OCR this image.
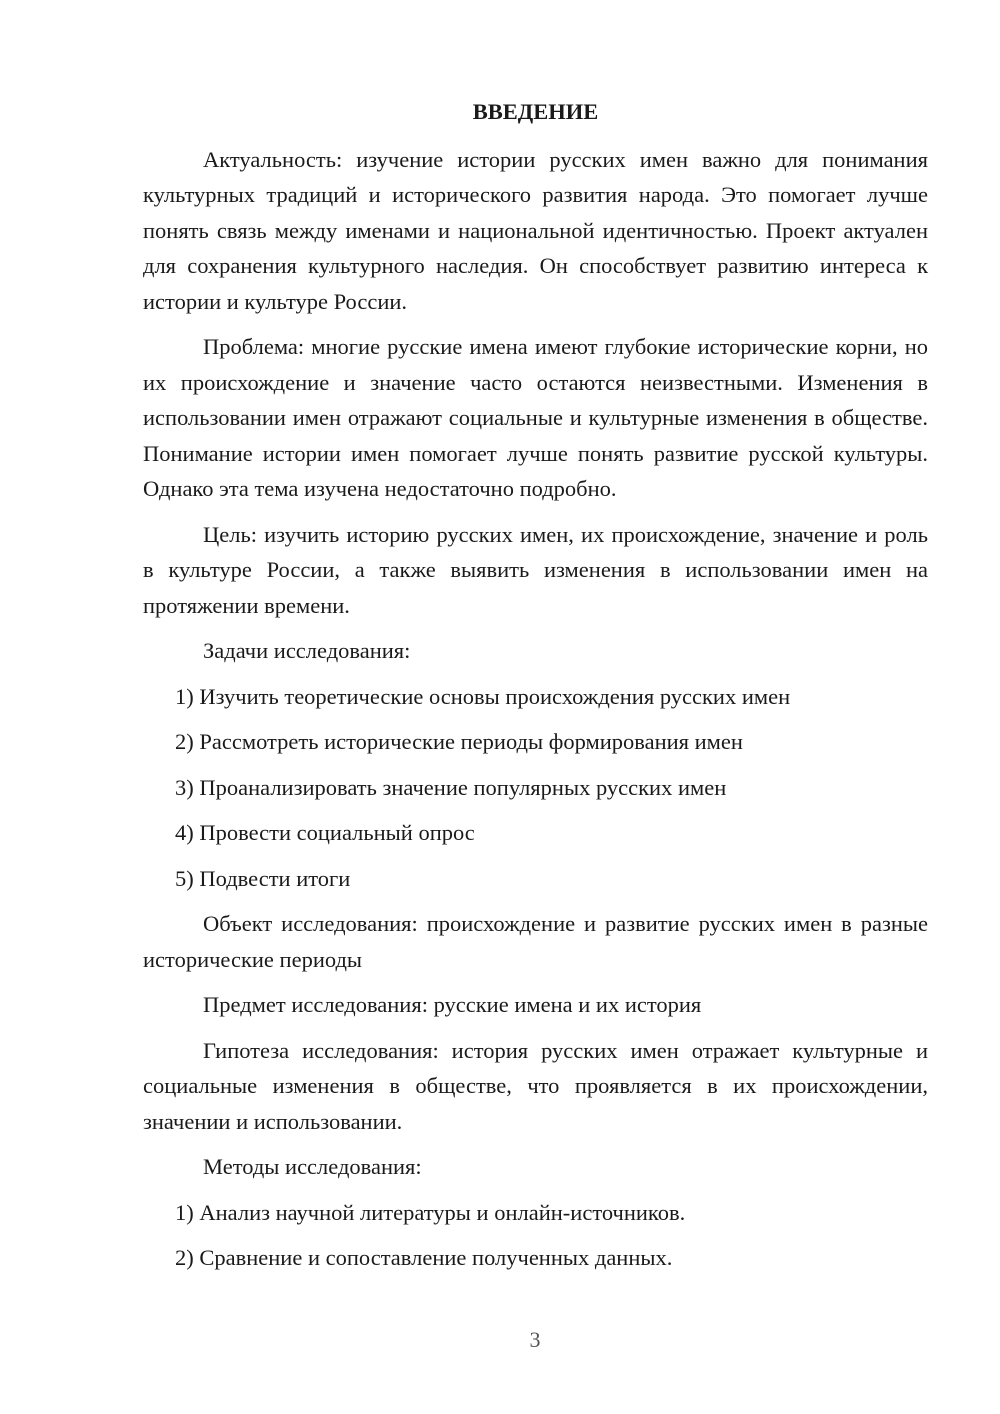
ВВЕДЕНИЕ

Актуальность: изучение истории русских имен важно для понимания культурных традиций и исторического развития народа. Это помогает лучше понять связь между именами и национальной идентичностью. Проект актуален для сохранения культурного наследия. Он способствует развитию интереса к истории и культуре России.

Проблема: многие русские имена имеют глубокие исторические корни, но их происхождение и значение часто остаются неизвестными. Изменения в использовании имен отражают социальные и культурные изменения в обществе. Понимание истории имен помогает лучше понять развитие русской культуры. Однако эта тема изучена недостаточно подробно.

Цель: изучить историю русских имен, их происхождение, значение и роль в культуре России, а также выявить изменения в использовании имен на протяжении времени.

Задачи исследования:
1) Изучить теоретические основы происхождения русских имен
2) Рассмотреть исторические периоды формирования имен
3) Проанализировать значение популярных русских имен
4) Провести социальный опрос
5) Подвести итоги

Объект исследования: происхождение и развитие русских имен в разные исторические периоды

Предмет исследования: русские имена и их история

Гипотеза исследования: история русских имен отражает культурные и социальные изменения в обществе, что проявляется в их происхождении, значении и использовании.

Методы исследования:
1) Анализ научной литературы и онлайн-источников.
2) Сравнение и сопоставление полученных данных.
3
